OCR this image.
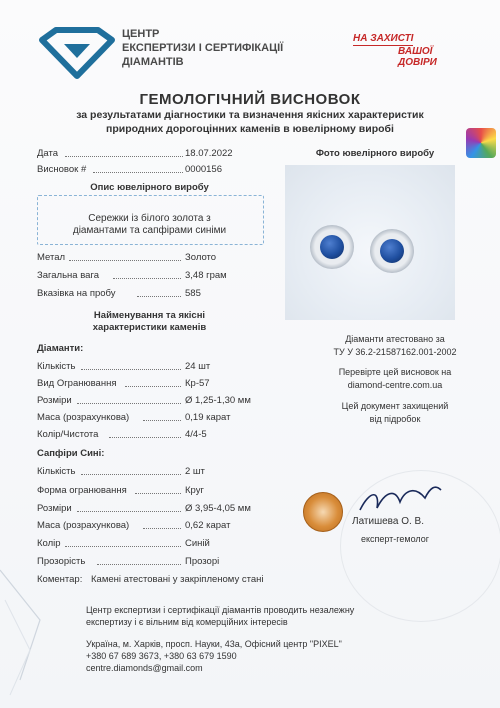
ЦЕНТР
ЕКСПЕРТИЗИ І СЕРТИФІКАЦІЇ
ДІАМАНТІВ
НА ЗАХИСТІ
ВАШОЇ
ДОВІРИ
ГЕМОЛОГІЧНИЙ ВИСНОВОК
за результатами діагностики та визначення якісних характеристик
природних дорогоцінних каменів в ювелірному виробі
Дата	18.07.2022
Висновок #	0000156
Опис ювелірного виробу
Фото ювелірного виробу
Сережки із білого золота з
діамантами та сапфірами синіми
Метал	Золото
Загальна вага	3,48 грам
Вказівка на пробу	585
Найменування та якісні
характеристики каменів
Діаманти:
Кількість	24 шт
Вид Огранювання	Кр-57
Розміри	Ø 1,25-1,30 мм
Маса (розрахункова)	0,19 карат
Колір/Чистота	4/4-5
Сапфіри Сині:
Кількість	2 шт
Форма огранювання	Круг
Розміри	Ø 3,95-4,05 мм
Маса (розрахункова)	0,62 карат
Колір	Синій
Прозорість	Прозорі
Коментар: Камені атестовані у закріпленому стані
Діаманти атестовано за
ТУ У 36.2-21587162.001-2002
Перевірте цей висновок на
diamond-centre.com.ua
Цей документ захищений
від підробок
Латишева О. В.
експерт-гемолог
Центр експертизи і сертифікації діамантів проводить незалежну
експертизу і є вільним від комерційних інтересів
Україна, м. Харків, просп. Науки, 43а, Офісний центр "PIXEL"
+380 67 689 3673, +380 63 679 1590
centre.diamonds@gmail.com
